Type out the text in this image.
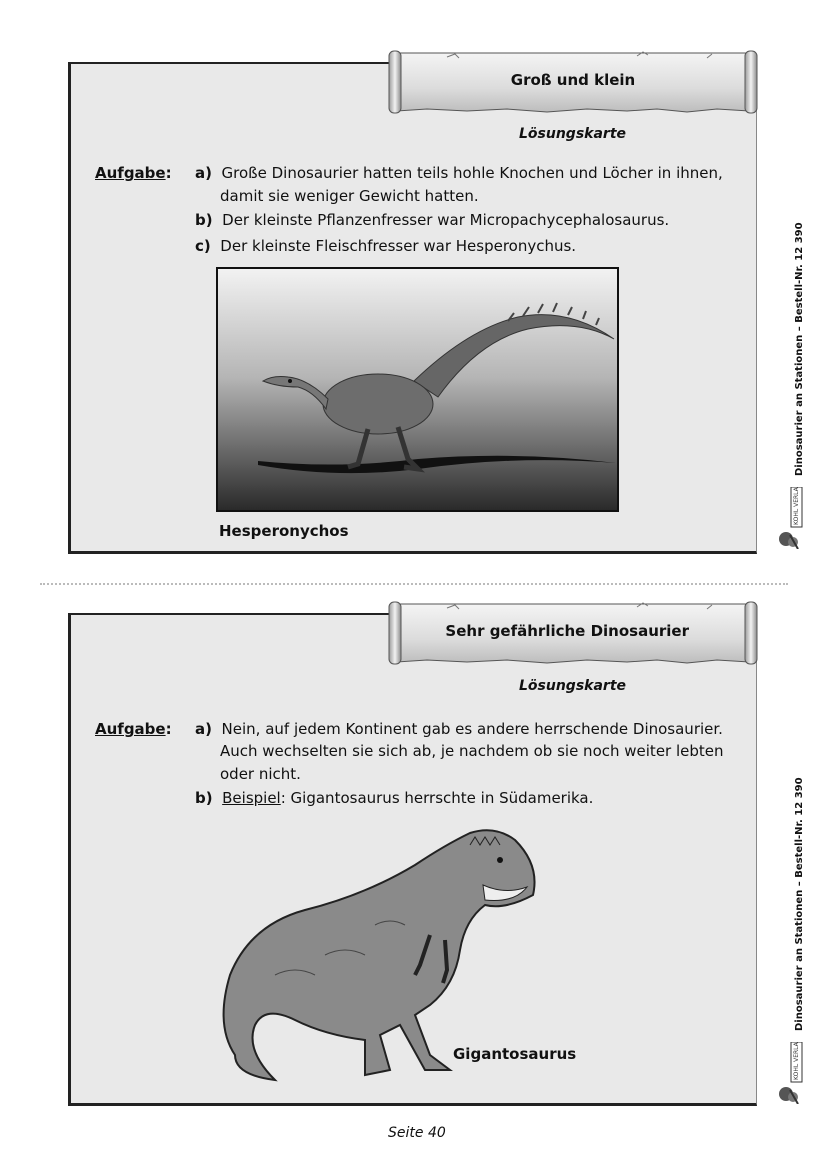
Groß und klein
Lösungskarte
Aufgabe: a) Große Dinosaurier hatten teils hohle Knochen und Löcher in ihnen,
damit sie weniger Gewicht hatten.
b) Der kleinste Pflanzenfresser war Micropachycephalosaurus.
c) Der kleinste Fleischfresser war Hesperonychus.
Hesperonychos
Sehr gefährliche Dinosaurier
Lösungskarte
Aufgabe: a) Nein, auf jedem Kontinent gab es andere herrschende Dinosaurier.
Auch wechselten sie sich ab, je nachdem ob sie noch weiter lebten
oder nicht.
b) Beispiel: Gigantosaurus herrschte in Südamerika.
Gigantosaurus
Dinosaurier an Stationen – Bestell-Nr. 12 390
Dinosaurier an Stationen – Bestell-Nr. 12 390
KOHL VERLAG
KOHL VERLAG
Seite 40
